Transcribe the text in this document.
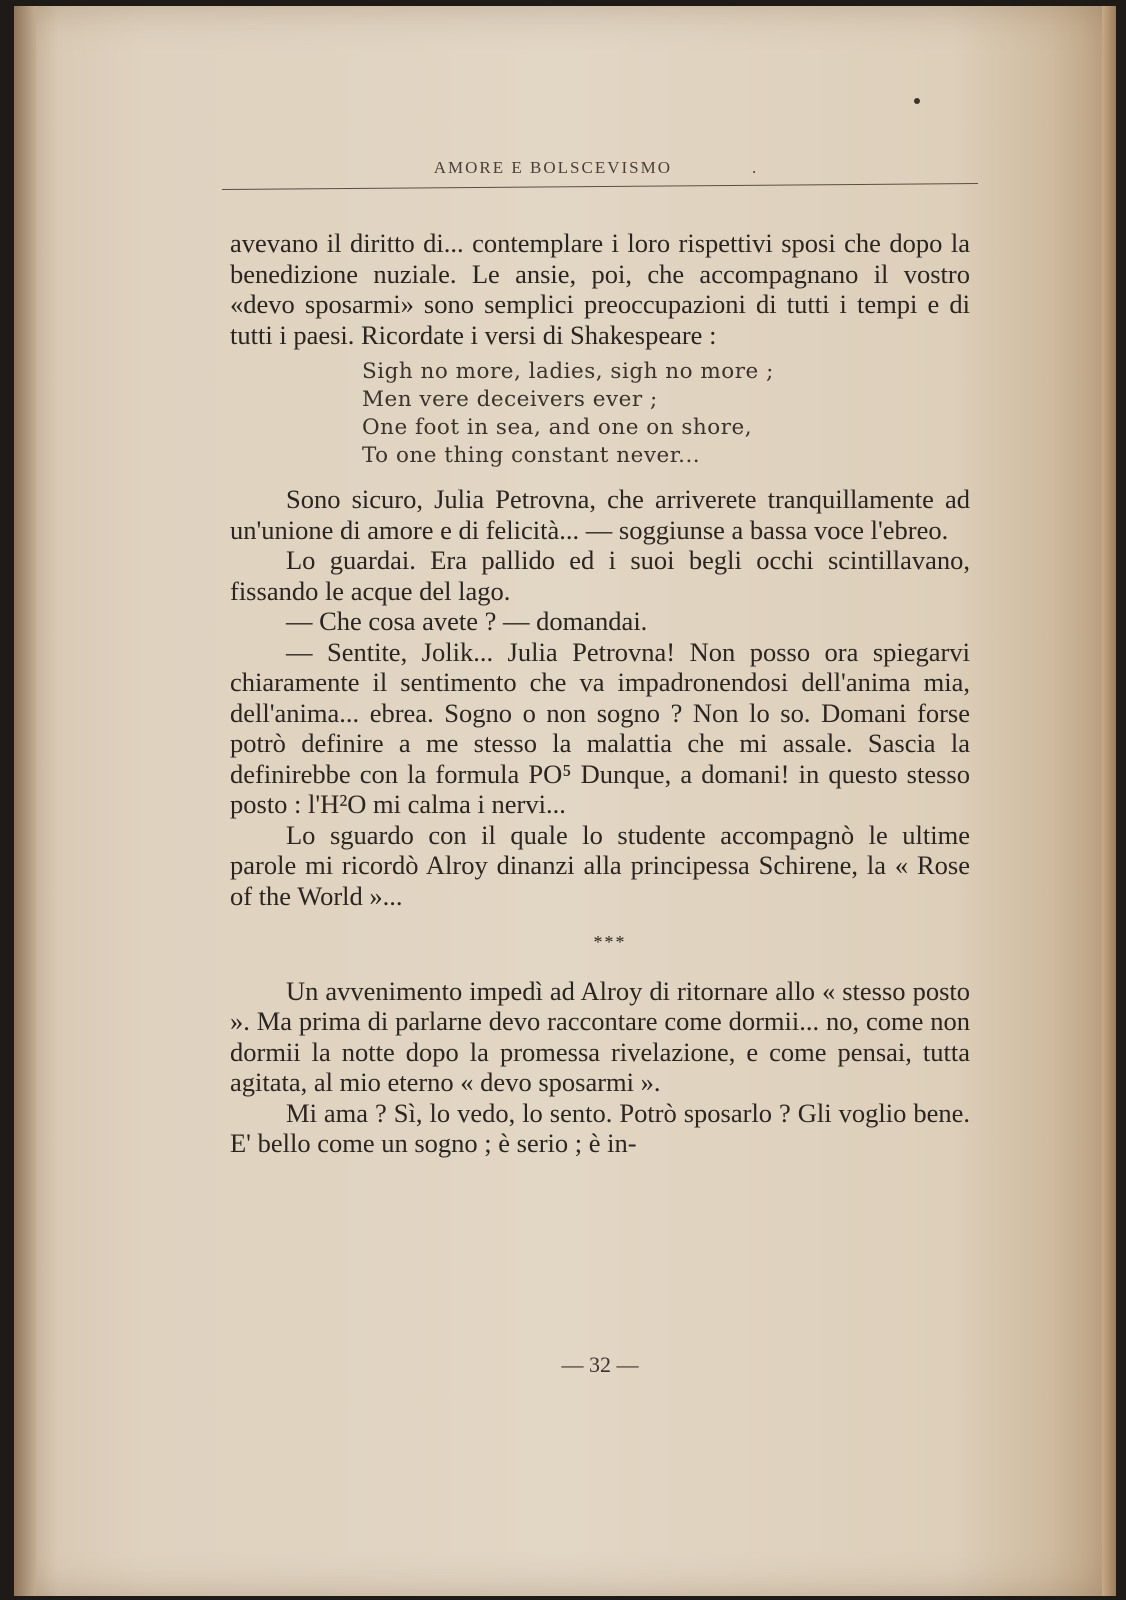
AMORE E BOLSCEVISMO	.

avevano il diritto di... contemplare i loro rispettivi sposi che dopo la benedizione nuziale. Le ansie, poi, che accompagnano il vostro «devo sposarmi» sono semplici preoccupazioni di tutti i tempi e di tutti i paesi. Ricordate i versi di Shakespeare :

Sigh no more, ladies, sigh no more ;
Men vere deceivers ever ;
One foot in sea, and one on shore,
To one thing constant never...

Sono sicuro, Julia Petrovna, che arriverete tranquillamente ad un'unione di amore e di felicità... — soggiunse a bassa voce l'ebreo.

Lo guardai. Era pallido ed i suoi begli occhi scintillavano, fissando le acque del lago.

— Che cosa avete ? — domandai.

— Sentite, Jolik... Julia Petrovna! Non posso ora spiegarvi chiaramente il sentimento che va impadronendosi dell'anima mia, dell'anima... ebrea. Sogno o non sogno ? Non lo so. Domani forse potrò definire a me stesso la malattia che mi assale. Sascia la definirebbe con la formula PO⁵ Dunque, a domani! in questo stesso posto : l'H²O mi calma i nervi...

Lo sguardo con il quale lo studente accompagnò le ultime parole mi ricordò Alroy dinanzi alla principessa Schirene, la « Rose of the World »...

***

Un avvenimento impedì ad Alroy di ritornare allo « stesso posto ». Ma prima di parlarne devo raccontare come dormii... no, come non dormii la notte dopo la promessa rivelazione, e come pensai, tutta agitata, al mio eterno « devo sposarmi ».

Mi ama ? Sì, lo vedo, lo sento. Potrò sposarlo ? Gli voglio bene. E' bello come un sogno ; è serio ; è in-

— 32 —
